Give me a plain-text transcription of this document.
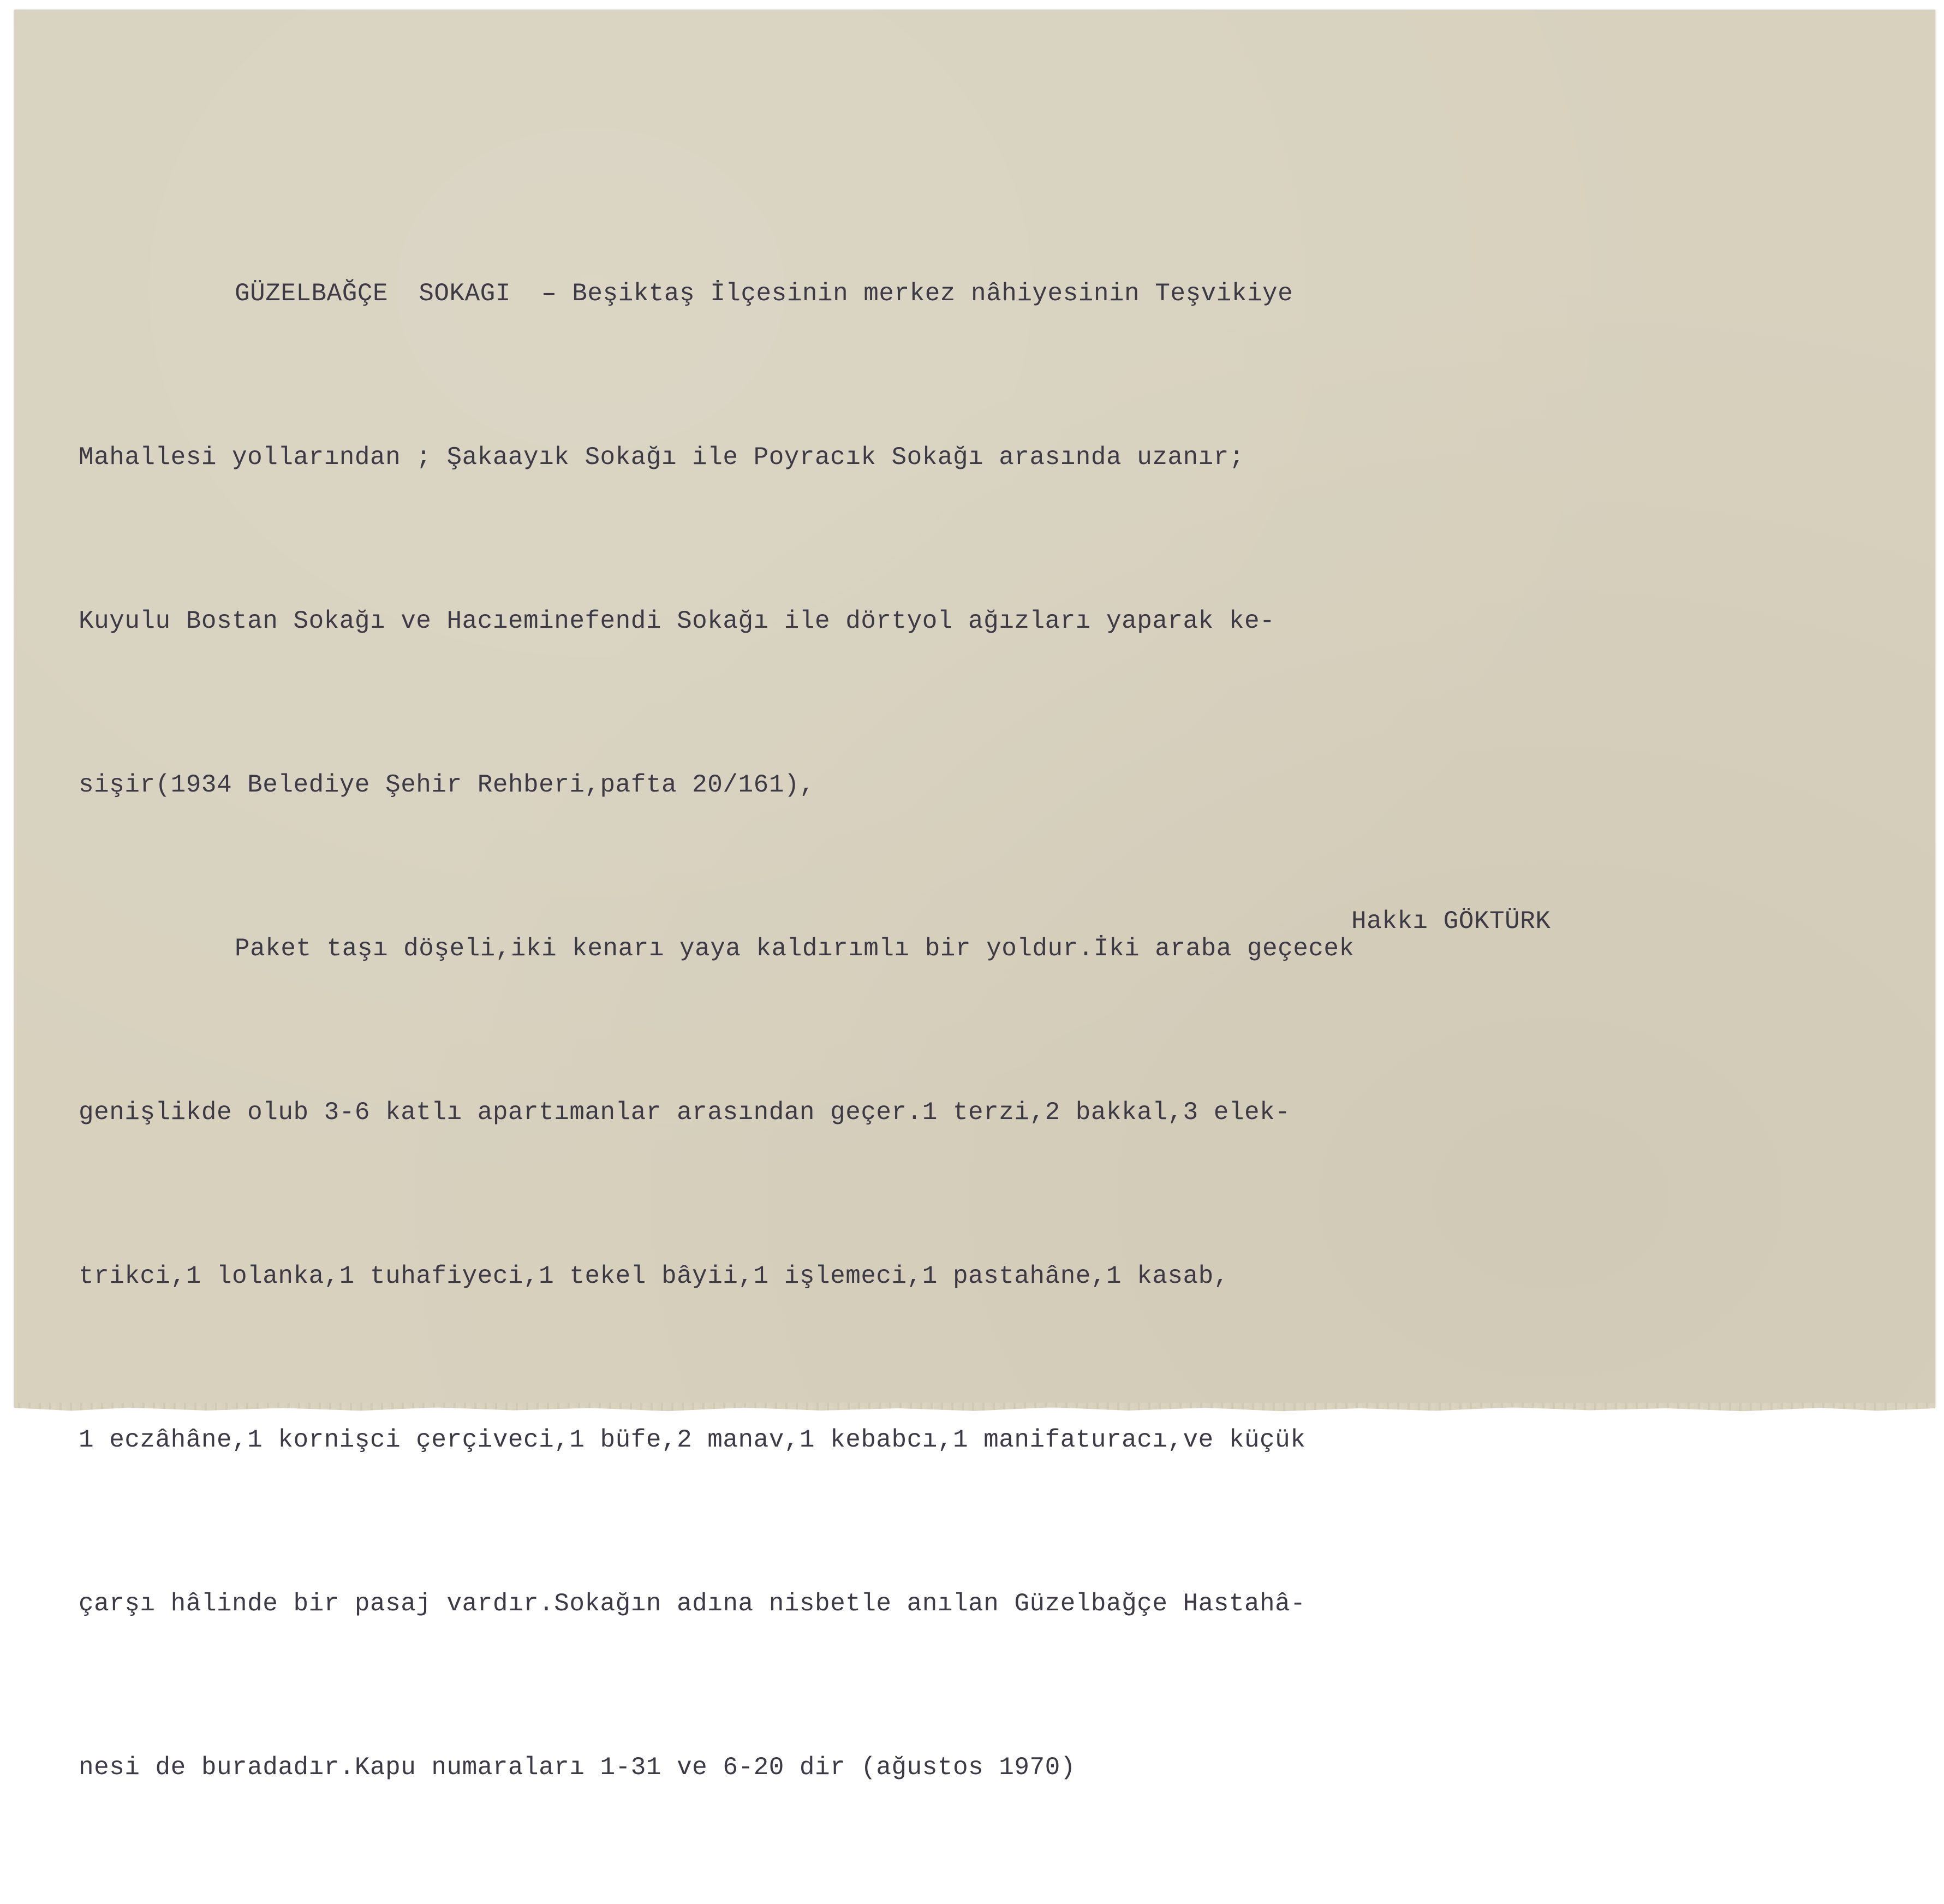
GÜZELBAĞÇE  SOKAGI  – Beşiktaş İlçesinin merkez nâhiyesinin Teşvikiye

Mahallesi yollarından ; Şakaayık Sokağı ile Poyracık Sokağı arasında uzanır;

Kuyulu Bostan Sokağı ve Hacıeminefendi Sokağı ile dörtyol ağızları yaparak ke-

sişir(1934 Belediye Şehir Rehberi,pafta 20/161),

Paket taşı döşeli,iki kenarı yaya kaldırımlı bir yoldur.İki araba geçecek

genişlikde olub 3-6 katlı apartımanlar arasından geçer.1 terzi,2 bakkal,3 elek-

trikci,1 lolanka,1 tuhafiyeci,1 tekel bâyii,1 işlemeci,1 pastahâne,1 kasab,

1 eczâhâne,1 kornişci çerçiveci,1 büfe,2 manav,1 kebabcı,1 manifaturacı,ve küçük

çarşı hâlinde bir pasaj vardır.Sokağın adına nisbetle anılan Güzelbağçe Hastahâ-

nesi de buradadır.Kapu numaraları 1-31 ve 6-20 dir (ağustos 1970)

Hakkı GÖKTÜRK
